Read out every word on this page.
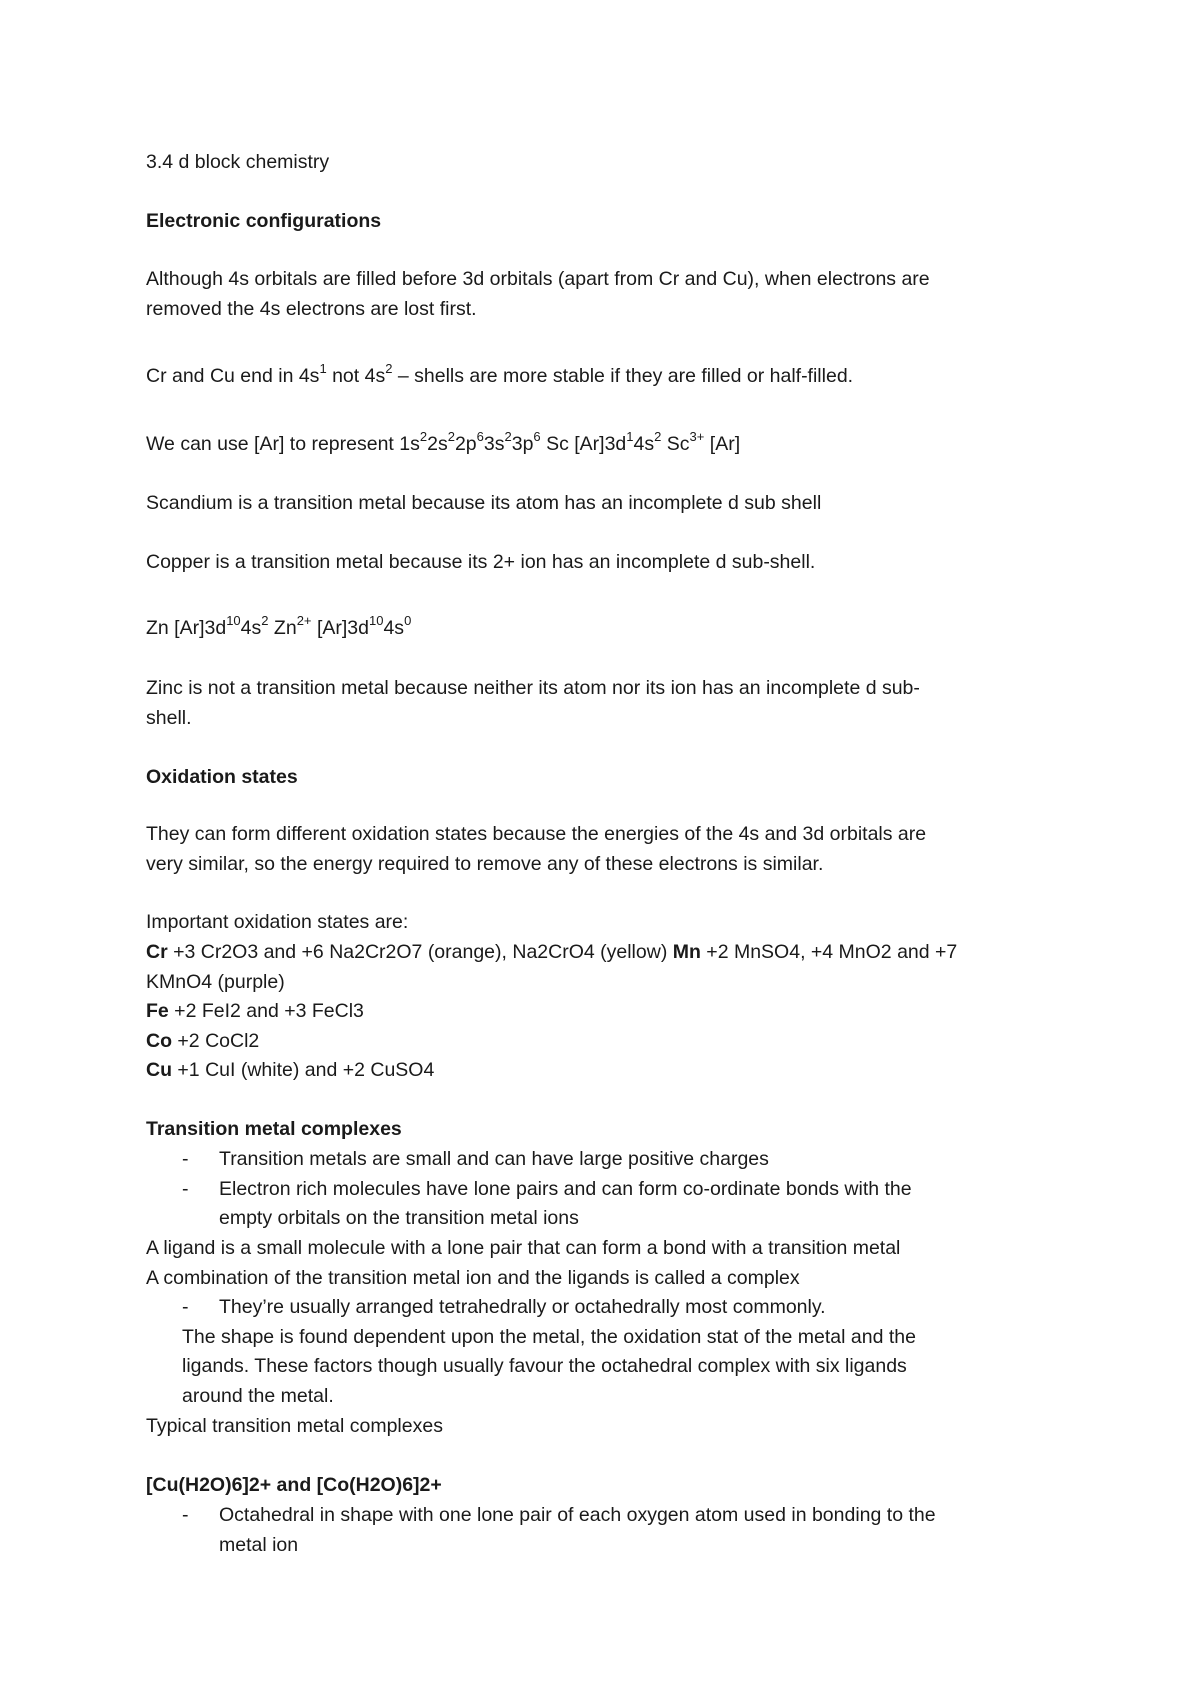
3.4 d block chemistry
Electronic configurations
Although 4s orbitals are filled before 3d orbitals (apart from Cr and Cu), when electrons are
removed the 4s electrons are lost first.
Cr and Cu end in $4s^1$ not $4s^2$ – shells are more stable if they are filled or half-filled.
We can use [Ar] to represent $1s^22s^22p^63s^23p^6$ Sc $[Ar]3d^14s^2$ $Sc^{3+}$ [Ar]
Scandium is a transition metal because its atom has an incomplete d sub shell
Copper is a transition metal because its 2+ ion has an incomplete d sub-shell.
Zn $[Ar]3d^{10}4s^2$ $Zn^{2+}$ $[Ar]3d^{10}4s^0$
Zinc is not a transition metal because neither its atom nor its ion has an incomplete d sub-
shell.
Oxidation states
They can form different oxidation states because the energies of the 4s and 3d orbitals are
very similar, so the energy required to remove any of these electrons is similar.
Important oxidation states are:
Cr +3 Cr2O3 and +6 Na2Cr2O7 (orange), Na2CrO4 (yellow) Mn +2 MnSO4, +4 MnO2 and +7
KMnO4 (purple)
Fe +2 FeI2 and +3 FeCl3
Co +2 CoCl2
Cu +1 CuI (white) and +2 CuSO4
Transition metal complexes
- Transition metals are small and can have large positive charges
- Electron rich molecules have lone pairs and can form co-ordinate bonds with the
empty orbitals on the transition metal ions
A ligand is a small molecule with a lone pair that can form a bond with a transition metal
A combination of the transition metal ion and the ligands is called a complex
- They’re usually arranged tetrahedrally or octahedrally most commonly.
The shape is found dependent upon the metal, the oxidation stat of the metal and the
ligands. These factors though usually favour the octahedral complex with six ligands
around the metal.
Typical transition metal complexes
[Cu(H2O)6]2+ and [Co(H2O)6]2+
- Octahedral in shape with one lone pair of each oxygen atom used in bonding to the
metal ion
